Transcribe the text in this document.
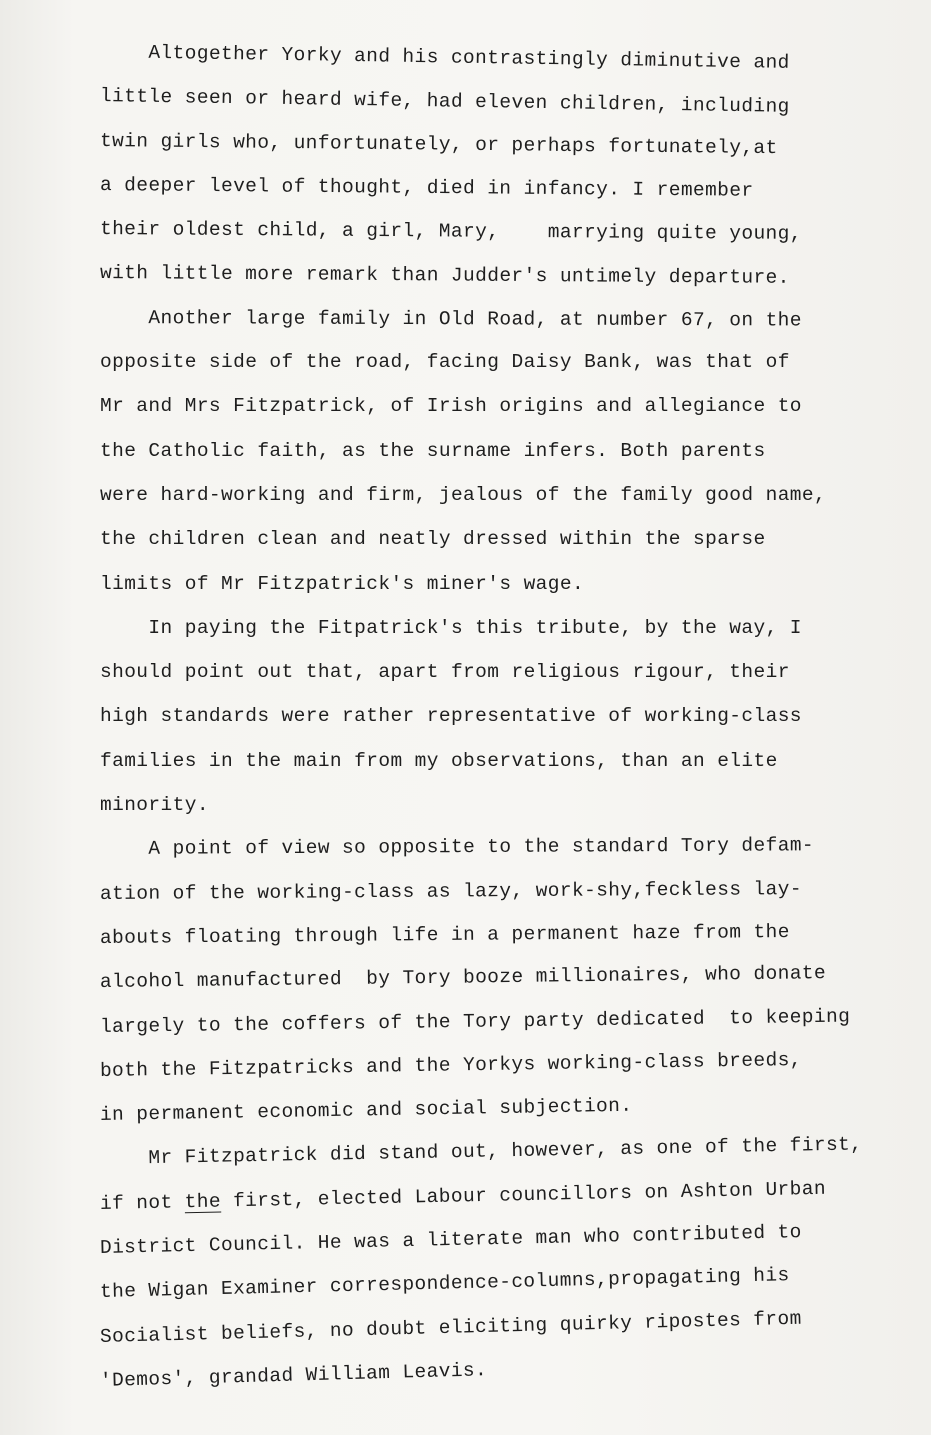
Altogether Yorky and his contrastingly diminutive and
little seen or heard wife, had eleven children, including
twin girls who, unfortunately, or perhaps fortunately,at
a deeper level of thought, died in infancy. I remember
their oldest child, a girl, Mary,    marrying quite young,
with little more remark than Judder's untimely departure.
Another large family in Old Road, at number 67, on the
opposite side of the road, facing Daisy Bank, was that of
Mr and Mrs Fitzpatrick, of Irish origins and allegiance to
the Catholic faith, as the surname infers. Both parents
were hard-working and firm, jealous of the family good name,
the children clean and neatly dressed within the sparse
limits of Mr Fitzpatrick's miner's wage.
In paying the Fitpatrick's this tribute, by the way, I
should point out that, apart from religious rigour, their
high standards were rather representative of working-class
families in the main from my observations, than an elite
minority.
A point of view so opposite to the standard Tory defam-
ation of the working-class as lazy, work-shy,feckless lay-
abouts floating through life in a permanent haze from the
alcohol manufactured  by Tory booze millionaires, who donate
largely to the coffers of the Tory party dedicated  to keeping
both the Fitzpatricks and the Yorkys working-class breeds,
in permanent economic and social subjection.
Mr Fitzpatrick did stand out, however, as one of the first,
if not the first, elected Labour councillors on Ashton Urban
District Council. He was a literate man who contributed to
the Wigan Examiner correspondence-columns,propagating his
Socialist beliefs, no doubt eliciting quirky ripostes from
'Demos', grandad William Leavis.
